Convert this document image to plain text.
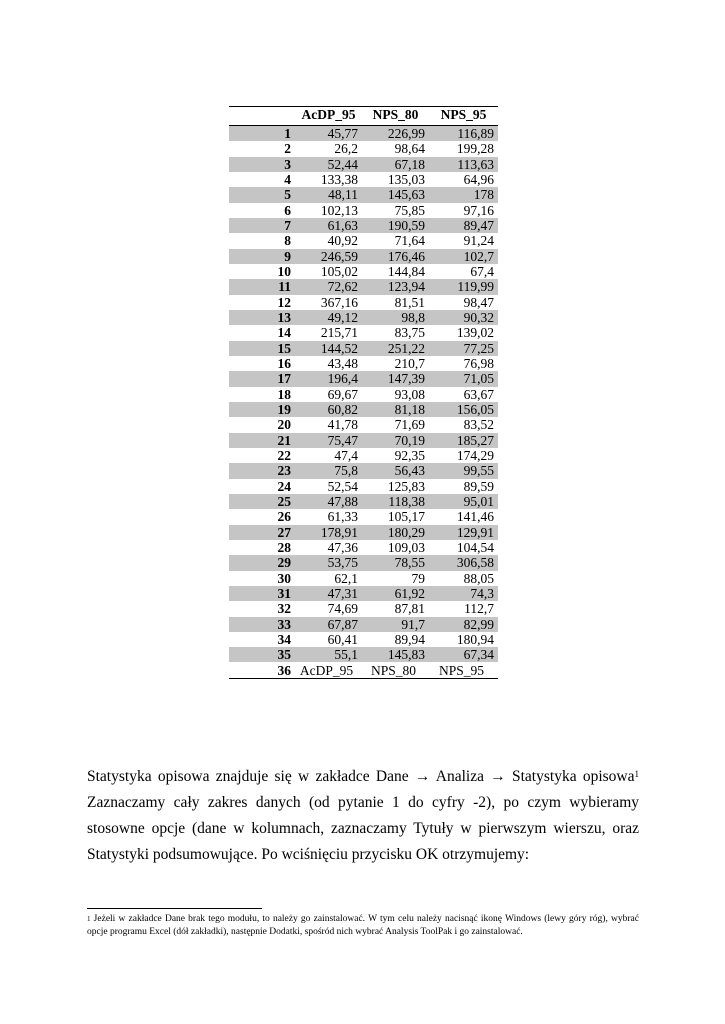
	AcDP_95	NPS_80	NPS_95
1	45,77	226,99	116,89
2	26,2	98,64	199,28
3	52,44	67,18	113,63
4	133,38	135,03	64,96
5	48,11	145,63	178
6	102,13	75,85	97,16
7	61,63	190,59	89,47
8	40,92	71,64	91,24
9	246,59	176,46	102,7
10	105,02	144,84	67,4
11	72,62	123,94	119,99
12	367,16	81,51	98,47
13	49,12	98,8	90,32
14	215,71	83,75	139,02
15	144,52	251,22	77,25
16	43,48	210,7	76,98
17	196,4	147,39	71,05
18	69,67	93,08	63,67
19	60,82	81,18	156,05
20	41,78	71,69	83,52
21	75,47	70,19	185,27
22	47,4	92,35	174,29
23	75,8	56,43	99,55
24	52,54	125,83	89,59
25	47,88	118,38	95,01
26	61,33	105,17	141,46
27	178,91	180,29	129,91
28	47,36	109,03	104,54
29	53,75	78,55	306,58
30	62,1	79	88,05
31	47,31	61,92	74,3
32	74,69	87,81	112,7
33	67,87	91,7	82,99
34	60,41	89,94	180,94
35	55,1	145,83	67,34
36	AcDP_95	NPS_80	NPS_95

Statystyka opisowa znajduje się w zakładce Dane → Analiza → Statystyka opisowa$^1$ Zaznaczamy cały zakres danych (od pytanie 1 do cyfry -2), po czym wybieramy stosowne opcje (dane w kolumnach, zaznaczamy Tytuły w pierwszym wierszu, oraz Statystyki podsumowujące. Po wciśnięciu przycisku OK otrzymujemy:

$^1$ Jeżeli w zakładce Dane brak tego modułu, to należy go zainstalować. W tym celu należy nacisnąć ikonę Windows (lewy góry róg), wybrać opcje programu Excel (dół zakładki), następnie Dodatki, spośród nich wybrać Analysis ToolPak i go zainstalować.
